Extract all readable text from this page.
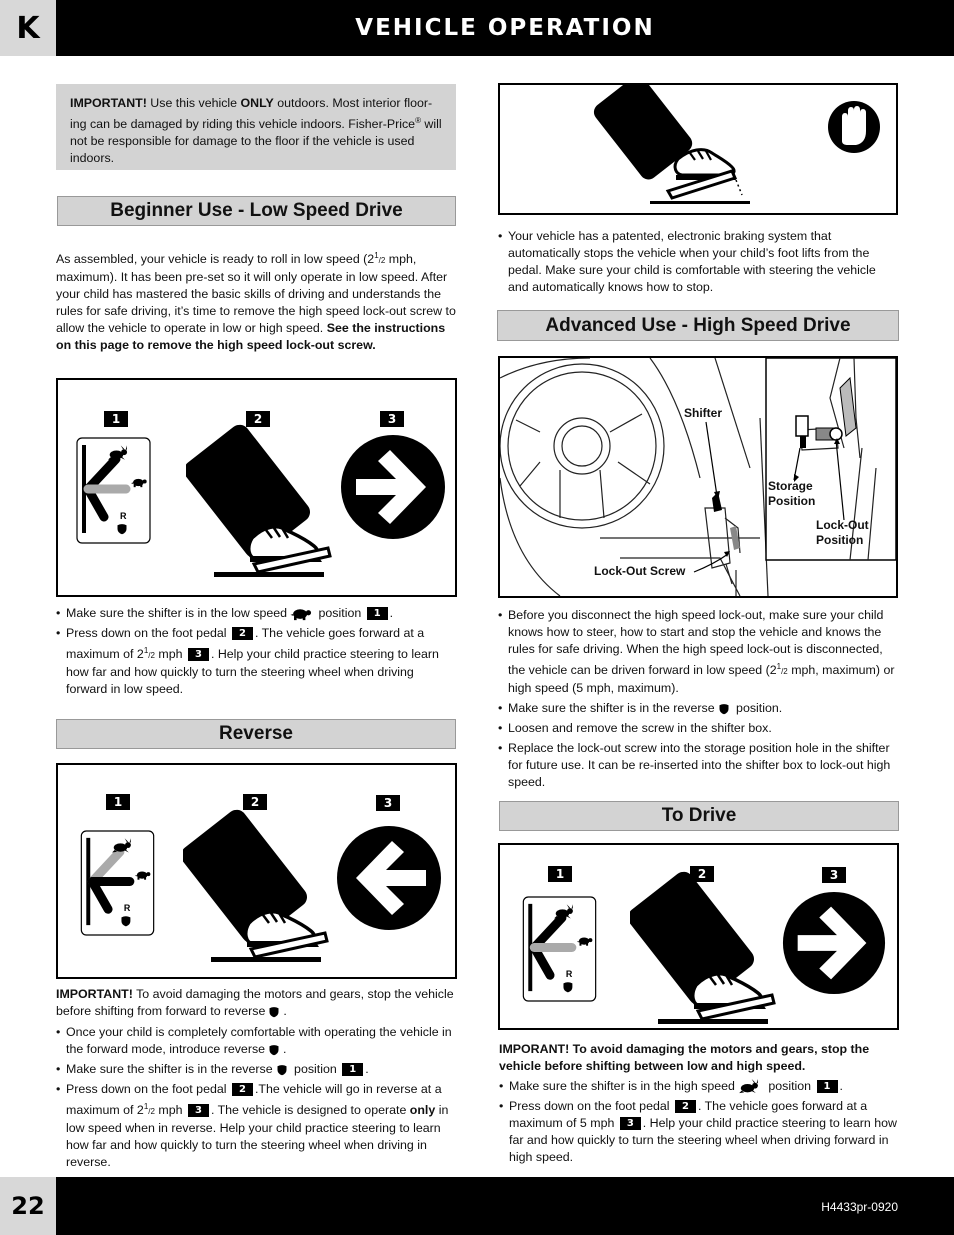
K	VEHICLE OPERATION
22	H4433pr-0920
IMPORTANT! Use this vehicle ONLY outdoors. Most interior floor-ing can be damaged by riding this vehicle indoors. Fisher-Price® will not be responsible for damage to the floor if the vehicle is used indoors.
Beginner Use - Low Speed Drive
As assembled, your vehicle is ready to roll in low speed ($2^1/2$ mph, maximum). It has been pre-set so it will only operate in low speed. After your child has mastered the basic skills of driving and understands the rules for safe driving, it’s time to remove the high speed lock-out screw to allow the vehicle to operate in low or high speed. See the instructions on this page to remove the high speed lock-out screw.
1	2	3
R
• Make sure the shifter is in the low speed position 1 .
• Press down on the foot pedal 2 . The vehicle goes forward at a maximum of $2^1/2$ mph 3 . Help your child practice steering to learn how far and how quickly to turn the steering wheel when driving forward in low speed.
Reverse
1	2	3
R
IMPORTANT! To avoid damaging the motors and gears, stop the vehicle before shifting from forward to reverse .
• Once your child is completely comfortable with operating the vehicle in the forward mode, introduce reverse .
• Make sure the shifter is in the reverse position 1 .
• Press down on the foot pedal 2 .The vehicle will go in reverse at a maximum of $2^1/2$ mph 3 . The vehicle is designed to operate only in low speed when in reverse. Help your child practice steering to learn how far and how quickly to turn the steering wheel when driving in reverse.
• Your vehicle has a patented, electronic braking system that automatically stops the vehicle when your child’s foot lifts from the pedal. Make sure your child is comfortable with steering the vehicle and automatically knows how to stop.
Advanced Use - High Speed Drive
Shifter
Storage Position
Lock-Out Position
Lock-Out Screw
• Before you disconnect the high speed lock-out, make sure your child knows how to steer, how to start and stop the vehicle and knows the rules for safe driving. When the high speed lock-out is disconnected, the vehicle can be driven forward in low speed ($2^1/2$ mph, maximum) or high speed (5 mph, maximum).
• Make sure the shifter is in the reverse position.
• Loosen and remove the screw in the shifter box.
• Replace the lock-out screw into the storage position hole in the shifter for future use. It can be re-inserted into the shifter box to lock-out high speed.
To Drive
1	2	3
R
IMPORANT! To avoid damaging the motors and gears, stop the vehicle before shifting between low and high speed.
• Make sure the shifter is in the high speed position 1 .
• Press down on the foot pedal 2 . The vehicle goes forward at a maximum of 5 mph 3 . Help your child practice steering to learn how far and how quickly to turn the steering wheel when driving forward in high speed.
